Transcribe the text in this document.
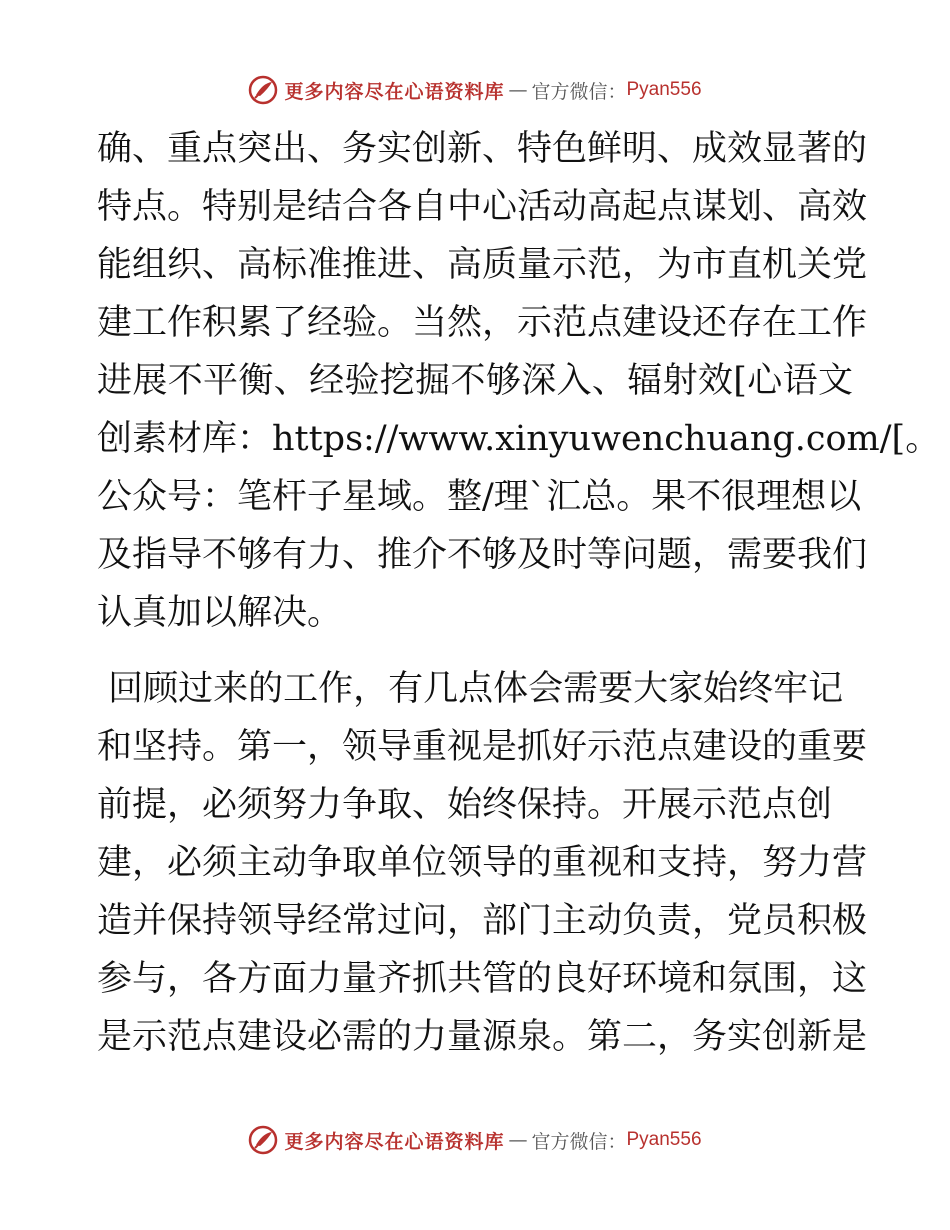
更多内容尽在心语资料库 — 官方微信： Pyan556
确、重点突出、务实创新、特色鲜明、成效显著的
特点。特别是结合各自中心活动高起点谋划、高效
能组织、高标准推进、高质量示范，为市直机关党
建工作积累了经验。当然，示范点建设还存在工作
进展不平衡、经验挖掘不够深入、辐射效[心语文
创素材库：https://www.xinyuwenchuang.com/[。
公众号：笔杆子星域。整/理`汇总。果不很理想以
及指导不够有力、推介不够及时等问题，需要我们
认真加以解决。
回顾过来的工作，有几点体会需要大家始终牢记
和坚持。第一，领导重视是抓好示范点建设的重要
前提，必须努力争取、始终保持。开展示范点创
建，必须主动争取单位领导的重视和支持，努力营
造并保持领导经常过问，部门主动负责，党员积极
参与，各方面力量齐抓共管的良好环境和氛围，这
是示范点建设必需的力量源泉。第二，务实创新是
更多内容尽在心语资料库 — 官方微信： Pyan556
